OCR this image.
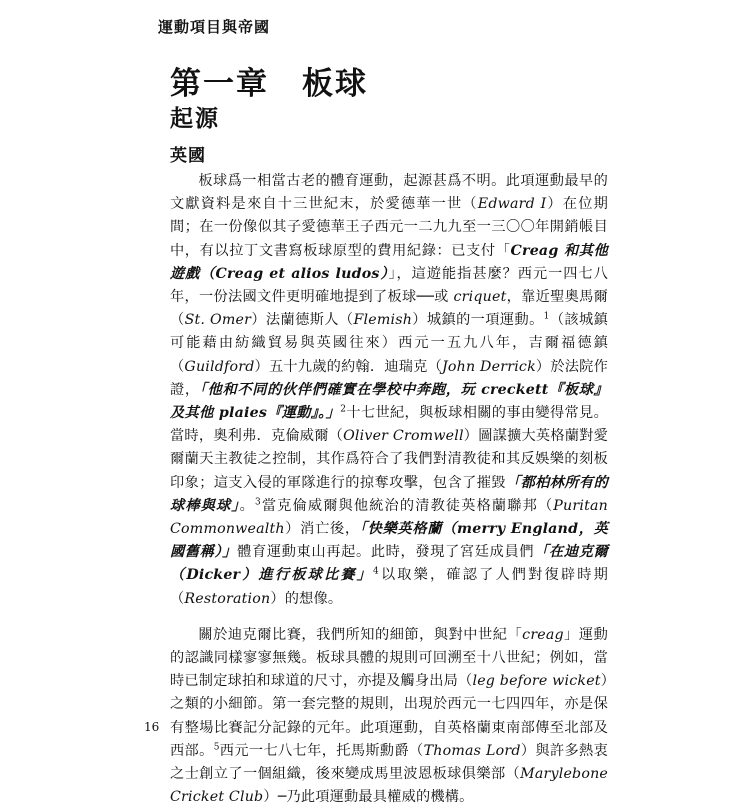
運動項目與帝國
第一章　板球
起源
英國

板球爲一相當古老的體育運動，起源甚爲不明。此項運動最早的文獻資料是來自十三世紀末，於愛德華一世（Edward I）在位期間；在一份像似其子愛德華王子西元一二九九至一三〇〇年開銷帳目中，有以拉丁文書寫板球原型的費用紀錄：已支付「Creag 和其他遊戲（Creag et alios ludos）」，這遊能指甚麼？西元一四七八年，一份法國文件更明確地提到了板球──或 criquet，靠近聖奧馬爾（St. Omer）法蘭德斯人（Flemish）城鎮的一項運動。$^1$（該城鎮可能藉由紡織貿易與英國往來）西元一五九八年，吉爾福德鎮（Guildford）五十九歲的約翰．迪瑞克（John Derrick）於法院作證，「他和不同的伙伴們確實在學校中奔跑，玩 creckett『板球』及其他 plaies『運動』。」$^2$十七世紀，與板球相關的事由變得常見。當時，奧利弗．克倫威爾（Oliver Cromwell）圖謀擴大英格蘭對愛爾蘭天主教徒之控制，其作爲符合了我們對清教徒和其反娛樂的刻板印象；這支入侵的軍隊進行的掠奪攻擊，包含了摧毀「都柏林所有的球棒與球」。$^3$當克倫威爾與他統治的清教徒英格蘭聯邦（Puritan Commonwealth）消亡後，「快樂英格蘭（merry England，英國舊稱）」體育運動東山再起。此時，發現了宮廷成員們「在迪克爾（Dicker）進行板球比賽」$^4$以取樂，確認了人們對復辟時期（Restoration）的想像。

關於迪克爾比賽，我們所知的細節，與對中世紀「creag」運動的認識同樣寥寥無幾。板球具體的規則可回溯至十八世紀；例如，當時已制定球拍和球道的尺寸，亦提及觸身出局（leg before wicket）之類的小細節。第一套完整的規則，出現於西元一七四四年，亦是保有整場比賽記分記錄的元年。此項運動，自英格蘭東南部傳至北部及西部。$^5$西元一七八七年，托馬斯勳爵（Thomas Lord）與許多熱衷之士創立了一個組織，後來變成馬里波恩板球俱樂部（Marylebone Cricket Club）─乃此項運動最具權威的機構。

16
